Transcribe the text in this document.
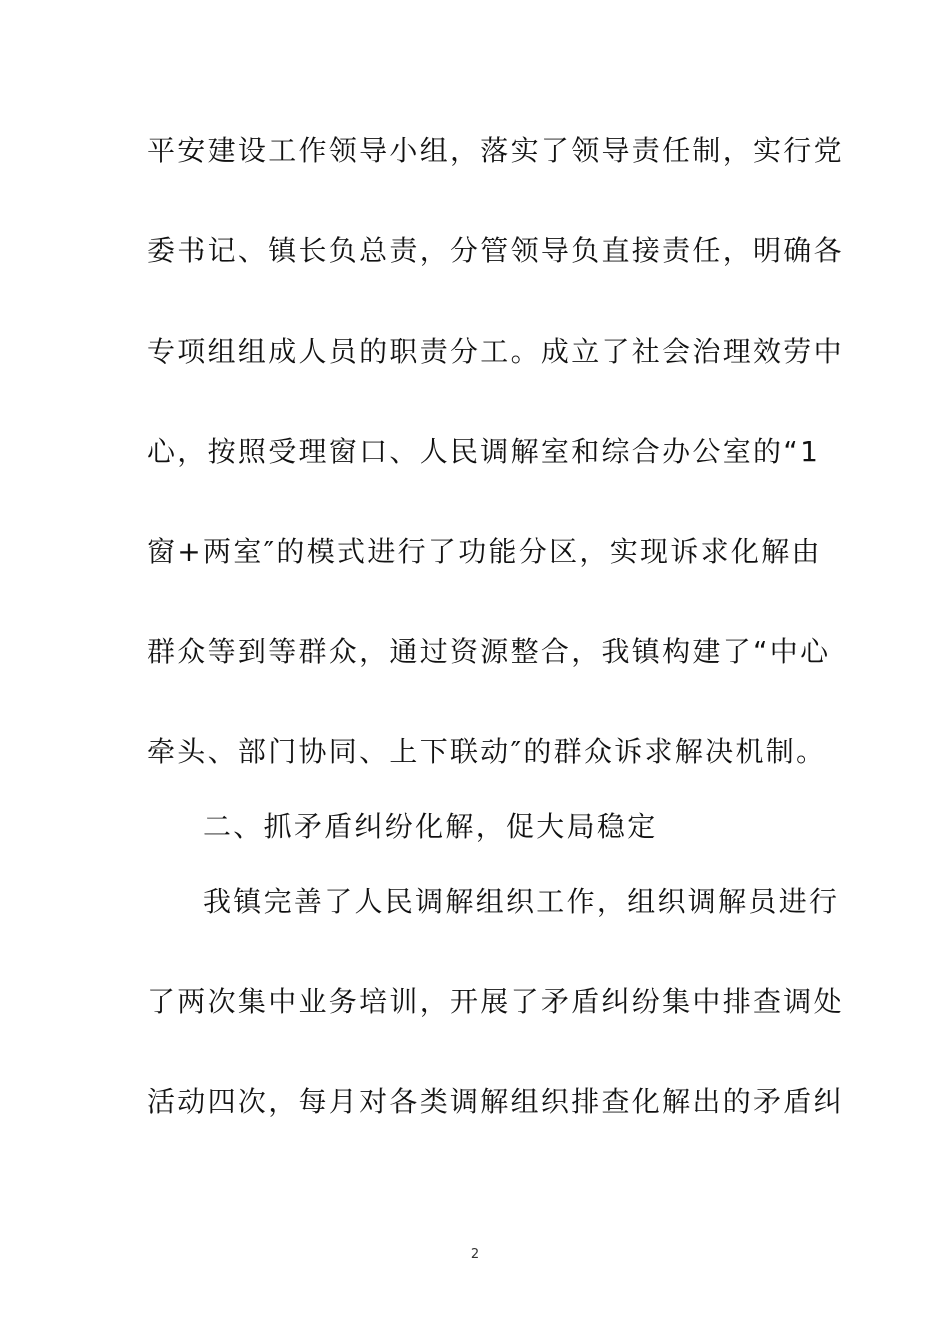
平安建设工作领导小组，落实了领导责任制，实行党
委书记、镇长负总责，分管领导负直接责任，明确各
专项组组成人员的职责分工。成立了社会治理效劳中
心，按照受理窗口、人民调解室和综合办公室的“1
窗+两室″的模式进行了功能分区，实现诉求化解由
群众等到等群众，通过资源整合，我镇构建了“中心
牵头、部门协同、上下联动″的群众诉求解决机制。
二、抓矛盾纠纷化解，促大局稳定
我镇完善了人民调解组织工作，组织调解员进行
了两次集中业务培训，开展了矛盾纠纷集中排查调处
活动四次，每月对各类调解组织排查化解出的矛盾纠
2
